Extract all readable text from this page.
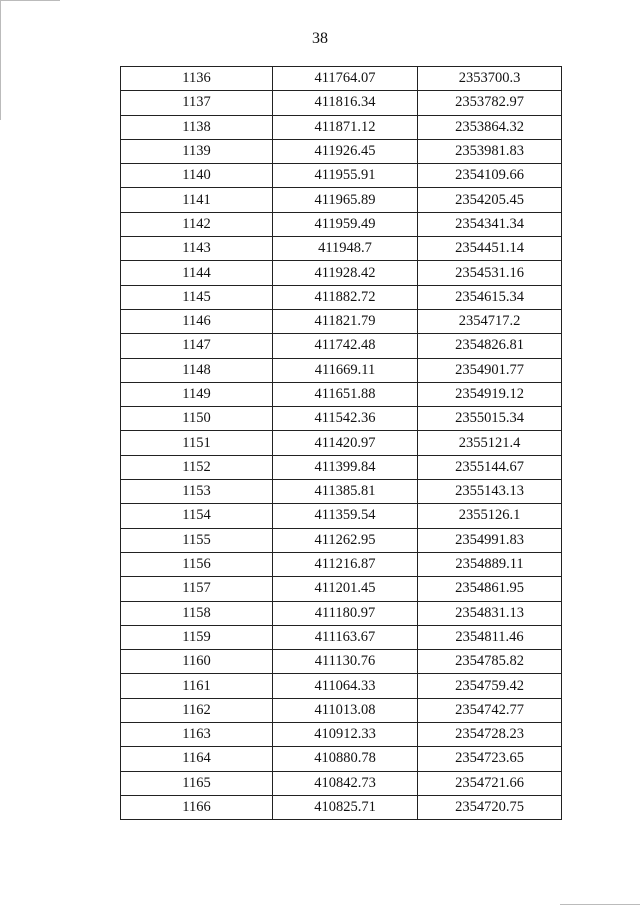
38
1136	411764.07	2353700.3
1137	411816.34	2353782.97
1138	411871.12	2353864.32
1139	411926.45	2353981.83
1140	411955.91	2354109.66
1141	411965.89	2354205.45
1142	411959.49	2354341.34
1143	411948.7	2354451.14
1144	411928.42	2354531.16
1145	411882.72	2354615.34
1146	411821.79	2354717.2
1147	411742.48	2354826.81
1148	411669.11	2354901.77
1149	411651.88	2354919.12
1150	411542.36	2355015.34
1151	411420.97	2355121.4
1152	411399.84	2355144.67
1153	411385.81	2355143.13
1154	411359.54	2355126.1
1155	411262.95	2354991.83
1156	411216.87	2354889.11
1157	411201.45	2354861.95
1158	411180.97	2354831.13
1159	411163.67	2354811.46
1160	411130.76	2354785.82
1161	411064.33	2354759.42
1162	411013.08	2354742.77
1163	410912.33	2354728.23
1164	410880.78	2354723.65
1165	410842.73	2354721.66
1166	410825.71	2354720.75
